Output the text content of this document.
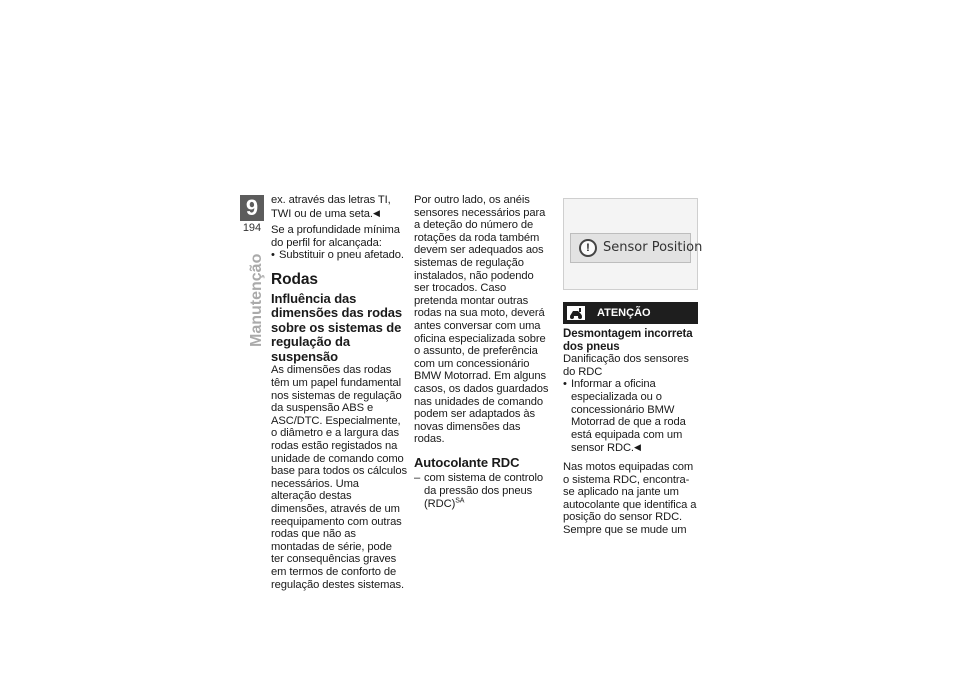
9
194
Manutenção

ex. através das letras TI, TWI ou de uma seta.◀

Se a profundidade mínima do perfil for alcançada:

• Substituir o pneu afetado.

Rodas

Influência das dimensões das rodas sobre os sistemas de regulação da suspensão

As dimensões das rodas têm um papel fundamental nos sistemas de regulação da suspensão ABS e ASC/DTC. Especialmente, o diâmetro e a largura das rodas estão registados na unidade de comando como base para todos os cálculos necessários. Uma alteração destas dimensões, através de um reequipamento com outras rodas que não as montadas de série, pode ter consequências graves em termos de conforto de regulação destes sistemas.

Por outro lado, os anéis sensores necessários para a deteção do número de rotações da roda também devem ser adequados aos sistemas de regulação instalados, não podendo ser trocados. Caso pretenda montar outras rodas na sua moto, deverá antes conversar com uma oficina especializada sobre o assunto, de preferência com um concessionário BMW Motorrad. Em alguns casos, os dados guardados nas unidades de comando podem ser adaptados às novas dimensões das rodas.

Autocolante RDC

– com sistema de controlo da pressão dos pneus (RDC)$^{SA}$
!	Sensor Position
ATENÇÃO

Desmontagem incorreta dos pneus

Danificação dos sensores do RDC

• Informar a oficina especializada ou o concessionário BMW Motorrad de que a roda está equipada com um sensor RDC.◀

Nas motos equipadas com o sistema RDC, encontra-se aplicado na jante um autocolante que identifica a posição do sensor RDC. Sempre que se mude um
